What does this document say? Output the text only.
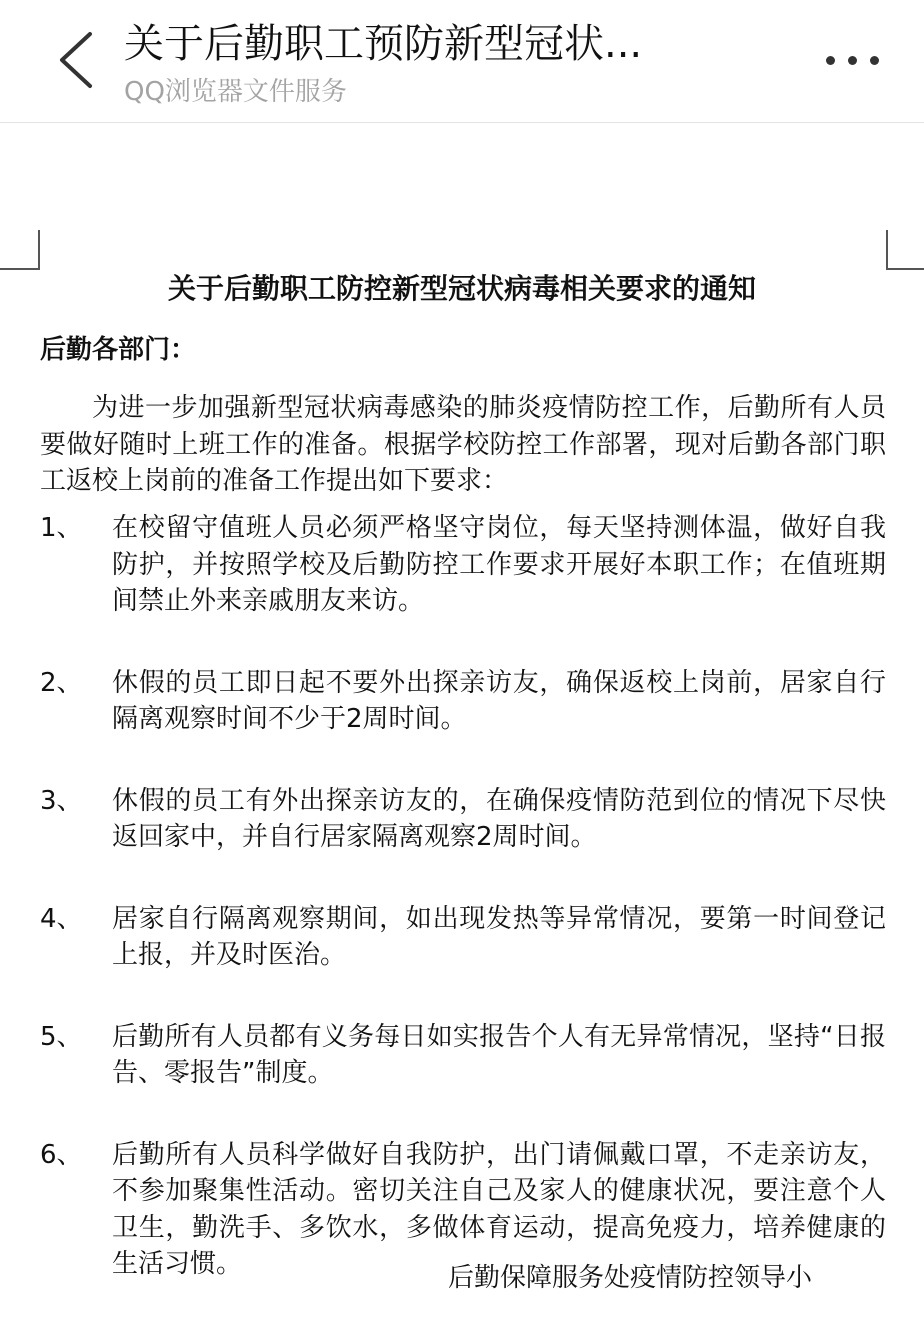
关于后勤职工预防新型冠状...
QQ浏览器文件服务
关于后勤职工防控新型冠状病毒相关要求的通知
后勤各部门：
为进一步加强新型冠状病毒感染的肺炎疫情防控工作，后勤所有人员要做好随时上班工作的准备。根据学校防控工作部署，现对后勤各部门职工返校上岗前的准备工作提出如下要求：
1、	在校留守值班人员必须严格坚守岗位，每天坚持测体温，做好自我防护，并按照学校及后勤防控工作要求开展好本职工作；在值班期间禁止外来亲戚朋友来访。
2、	休假的员工即日起不要外出探亲访友，确保返校上岗前，居家自行隔离观察时间不少于2周时间。
3、	休假的员工有外出探亲访友的，在确保疫情防范到位的情况下尽快返回家中，并自行居家隔离观察2周时间。
4、	居家自行隔离观察期间，如出现发热等异常情况，要第一时间登记上报，并及时医治。
5、	后勤所有人员都有义务每日如实报告个人有无异常情况，坚持“日报告、零报告”制度。
6、	后勤所有人员科学做好自我防护，出门请佩戴口罩，不走亲访友，不参加聚集性活动。密切关注自己及家人的健康状况，要注意个人卫生，勤洗手、多饮水，多做体育运动，提高免疫力，培养健康的生活习惯。	后勤保障服务处疫情防控领导小
